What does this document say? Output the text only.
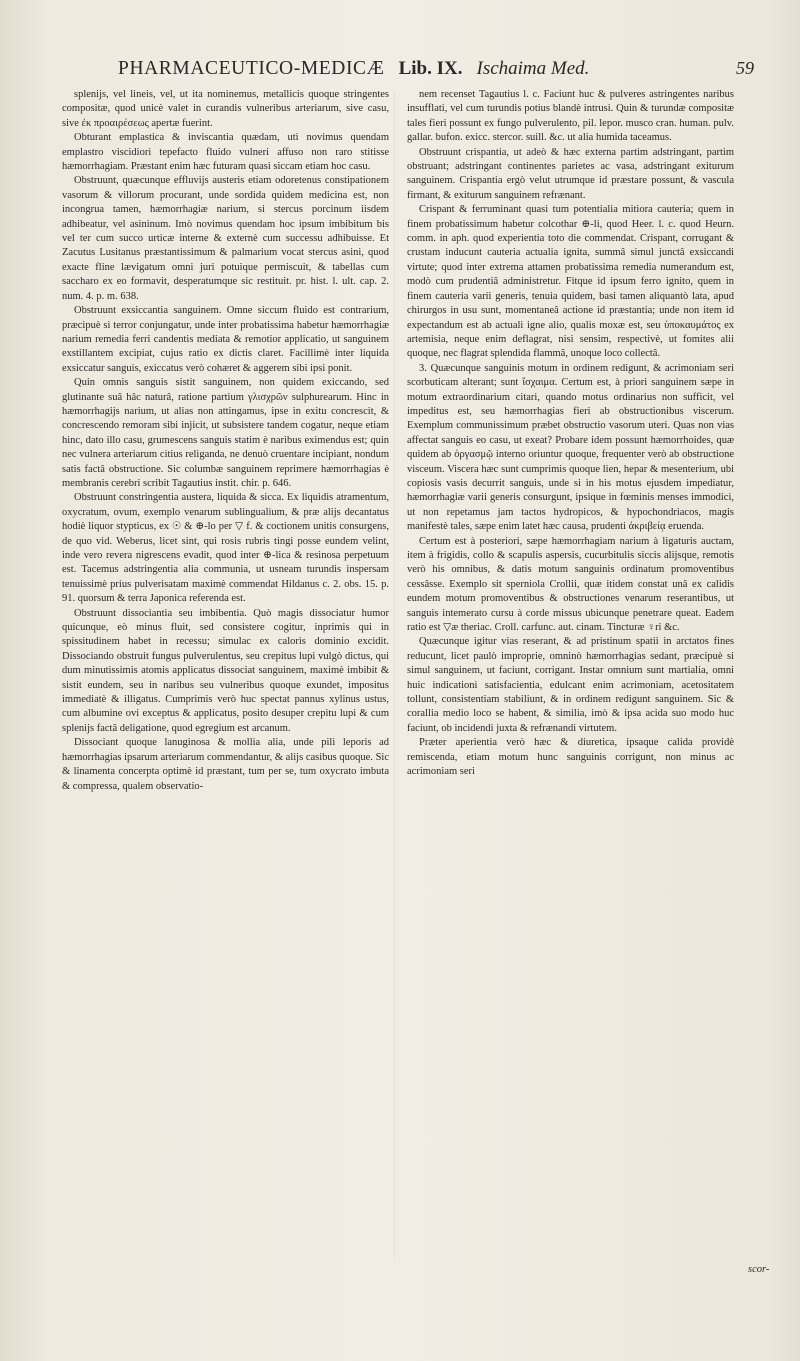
PHARMACEUTICO-MEDICÆ Lib. IX. Ischaima Med.	59

splenijs, vel lineis, vel, ut ita nominemus, metallicis quoque stringentes compositæ, quod unicè valet in curandis vulneribus arteriarum, sive casu, sive ἐκ προαιρέσεως apertæ fuerint.

Obturant emplastica & inviscantia quædam, uti novimus quendam emplastro viscidiori tepefacto fluido vulneri affuso non raro stitisse hæmorrhagiam. Præstant enim hæc futuram quasi siccam etiam hoc casu.

Obstruunt, quæcunque effluvijs austeris etiam odoretenus constipationem vasorum & villorum procurant, unde sordida quidem medicina est, non incongrua tamen, hæmorrhagiæ narium, si stercus porcinum iisdem adhibeatur, vel asininum. Imò novimus quendam hoc ipsum imbibitum bis vel ter cum succo urticæ interne & externè cum successu adhibuisse. Et Zacutus Lusitanus præstantissimum & palmarium vocat stercus asini, quod exacte fline lævigatum omni juri potuique permiscuit, & tabellas cum saccharo ex eo formavit, desperatumque sic restituit. pr. hist. l. ult. cap. 2. num. 4. p. m. 638.

Obstruunt exsiccantia sanguinem. Omne siccum fluido est contrarium, præcipuè si terror conjungatur, unde inter probatissima habetur hæmorrhagiæ narium remedia ferri candentis mediata & remotior applicatio, ut sanguinem exstillantem excipiat, cujus ratio ex dictis claret. Facillimè inter liquida exsiccatur sanguis, exiccatus verò cohæret & aggerem sibi ipsi ponit.

Quin omnis sanguis sistit sanguinem, non quidem exiccando, sed glutinante suâ hâc naturâ, ratione partium γλισχρῶν sulphurearum. Hinc in hæmorrhagijs narium, ut alias non attingamus, ipse in exitu concrescit, & concrescendo remoram sibi injicit, ut subsistere tandem cogatur, neque etiam hinc, dato illo casu, grumescens sanguis statim è naribus eximendus est; quin nec vulnera arteriarum citius religanda, ne denuò cruentare incipiant, nondum satis factâ obstructione. Sic columbæ sanguinem reprimere hæmorrhagias è membranis cerebri scribit Tagautius instit. chir. p. 646.

Obstruunt constringentia austera, liquida & sicca. Ex liquidis atramentum, oxycratum, ovum, exemplo venarum sublingualium, & præ alijs decantatus hodiè liquor stypticus, ex ☉ & ⊕-lo per ▽ f. & coctionem unitis consurgens, de quo vid. Weberus, licet sint, qui rosis rubris tingi posse eundem velint, inde vero revera nigrescens evadit, quod inter ⊕-lica & resinosa perpetuum est. Tacemus adstringentia alia communia, ut usneam turundis inspersam tenuissimè prius pulverisatam maximè commendat Hildanus c. 2. obs. 15. p. 91. quorsum & terra Japonica referenda est.

Obstruunt dissociantia seu imbibentia. Quò magis dissociatur humor quicunque, eò minus fluit, sed consistere cogitur, inprimis qui in spissitudinem habet in recessu; simulac ex caloris dominio excidit. Dissociando obstruit fungus pulverulentus, seu crepitus lupi vulgò dictus, qui dum minutissimis atomis applicatus dissociat sanguinem, maximè imbibit & sistit eundem, seu in naribus seu vulneribus quoque exundet, impositus immediatè & illigatus. Cumprimis verò huc spectat pannus xylinus ustus, cum albumine ovi exceptus & applicatus, posito desuper crepitu lupi & cum splenijs factâ deligatione, quod egregium est arcanum.

Dissociant quoque lanuginosa & mollia alia, unde pili leporis ad hæmorrhagias ipsarum arteriarum commendantur, & alijs casibus quoque. Sic & linamenta concerpta optimè id præstant, tum per se, tum oxycrato imbuta & compressa, qualem observatio-

nem recenset Tagautius l. c. Faciunt huc & pulveres astringentes naribus insufflati, vel cum turundis potius blandè intrusi. Quin & turundæ compositæ tales fieri possunt ex fungo pulverulento, pil. lepor. musco cran. human. pulv. gallar. bufon. exicc. stercor. suill. &c. ut alia humida taceamus.

Obstruunt crispantia, ut adeò & hæc externa partim adstringant, partim obstruant; adstringant continentes parietes ac vasa, adstringant exiturum sanguinem. Crispantia ergò velut utrumque id præstare possunt, & vascula firmant, & exiturum sanguinem refrænant.

Crispant & ferruminant quasi tum potentialia mitiora cauteria; quem in finem probatissimum habetur colcothar ⊕-li, quod Heer. l. c. quod Heurn. comm. in aph. quod experientia toto die commendat. Crispant, corrugant & crustam inducunt cauteria actualia ignita, summâ simul junctâ exsiccandi virtute; quod inter extrema attamen probatissima remedia numerandum est, modò cum prudentiâ administretur. Fitque id ipsum ferro ignito, quem in finem cauteria varii generis, tenuia quidem, basi tamen aliquantò lata, apud chirurgos in usu sunt, momentaneâ actione id præstantia; unde non item id expectandum est ab actuali igne alio, qualis moxæ est, seu ὑποκαυμάτος ex artemisia, neque enim deflagrat, nisi sensim, respectivè, ut fomites alii quoque, nec flagrat splendida flammâ, unoque loco collectâ.

3. Quæcunque sanguinis motum in ordinem redigunt, & acrimoniam seri scorbuticam alterant; sunt ἴσχαιμα. Certum est, à priori sanguinem sæpe in motum extraordinarium citari, quando motus ordinarius non sufficit, vel impeditus est, seu hæmorrhagias fieri ab obstructionibus viscerum. Exemplum communissimum præbet obstructio vasorum uteri. Quas non vias affectat sanguis eo casu, ut exeat? Probare idem possunt hæmorrhoides, quæ quidem ab ὀργασμῷ interno oriuntur quoque, frequenter verò ab obstructione visceum. Viscera hæc sunt cumprimis quoque lien, hepar & mesenterium, ubi copiosis vasis decurrit sanguis, unde si in his motus ejusdem impediatur, hæmorrhagiæ varii generis consurgunt, ipsique in fœminis menses immodici, ut non repetamus jam tactos hydropicos, & hypochondriacos, magis manifestè tales, sæpe enim latet hæc causa, prudenti ἀκριβείᾳ eruenda.

Certum est à posteriori, sæpe hæmorrhagiam narium à ligaturis auctam, item à frigidis, collo & scapulis aspersis, cucurbitulis siccis alijsque, remotis verò his omnibus, & datis motum sanguinis ordinatum promoventibus cessâsse. Exemplo sit sperniola Crollii, quæ itidem constat unâ ex calidis eundem motum promoventibus & obstructiones venarum reserantibus, ut sanguis intemerato cursu à corde missus ubicunque penetrare queat. Eadem ratio est ▽æ theriac. Croll. carfunc. aut. cinam. Tincturæ ♀ri &c.

Quæcunque igitur vias reserant, & ad pristinum spatii in arctatos fines reducunt, licet paulò improprie, omninò hæmorrhagias sedant, præcipuè si simul sanguinem, ut faciunt, corrigant. Instar omnium sunt martialia, omni huic indicationi satisfacientia, edulcant enim acrimoniam, acetositatem tollunt, consistentiam stabiliunt, & in ordinem redigunt sanguinem. Sic & corallia medio loco se habent, & similia, imò & ipsa acida suo modo huc faciunt, ob incidendi juxta & refrænandi virtutem.

Præter aperientia verò hæc & diuretica, ipsaque calida providè remiscenda, etiam motum hunc sanguinis corrigunt, non minus ac acrimoniam seri

scor-
